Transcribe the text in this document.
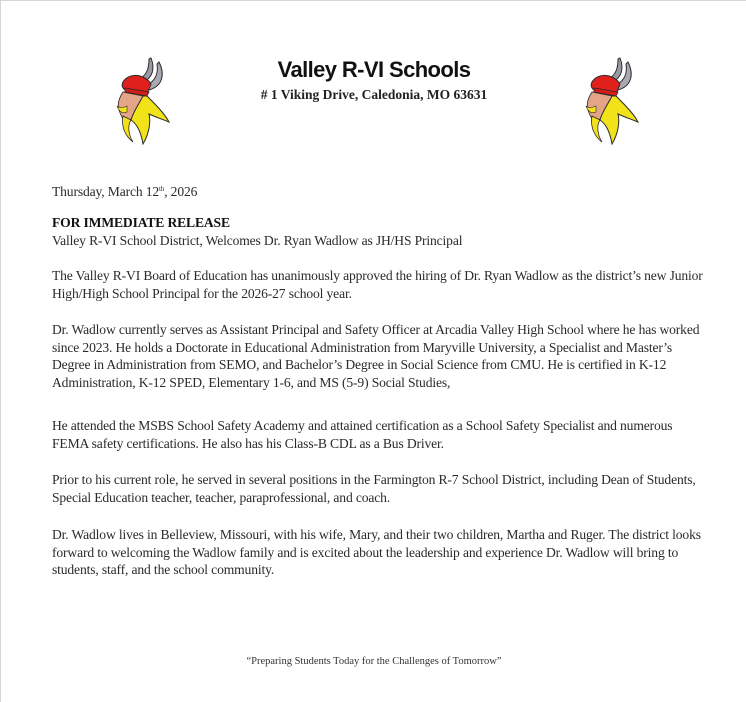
Valley R-VI Schools
# 1 Viking Drive, Caledonia, MO 63631
Thursday, March 12th, 2026
FOR IMMEDIATE RELEASE
Valley R-VI School District, Welcomes Dr. Ryan Wadlow as JH/HS Principal

The Valley R-VI Board of Education has unanimously approved the hiring of Dr. Ryan Wadlow as the district’s new Junior High/High School Principal for the 2026-27 school year.

Dr. Wadlow currently serves as Assistant Principal and Safety Officer at Arcadia Valley High School where he has worked since 2023. He holds a Doctorate in Educational Administration from Maryville University, a Specialist and Master’s Degree in Administration from SEMO, and Bachelor’s Degree in Social Science from CMU. He is certified in K-12 Administration, K-12 SPED, Elementary 1-6, and MS (5-9) Social Studies,

He attended the MSBS School Safety Academy and attained certification as a School Safety Specialist and numerous FEMA safety certifications. He also has his Class-B CDL as a Bus Driver.

Prior to his current role, he served in several positions in the Farmington R-7 School District, including Dean of Students, Special Education teacher, teacher, paraprofessional, and coach.

Dr. Wadlow lives in Belleview, Missouri, with his wife, Mary, and their two children, Martha and Ruger. The district looks forward to welcoming the Wadlow family and is excited about the leadership and experience Dr. Wadlow will bring to students, staff, and the school community.

“Preparing Students Today for the Challenges of Tomorrow”
